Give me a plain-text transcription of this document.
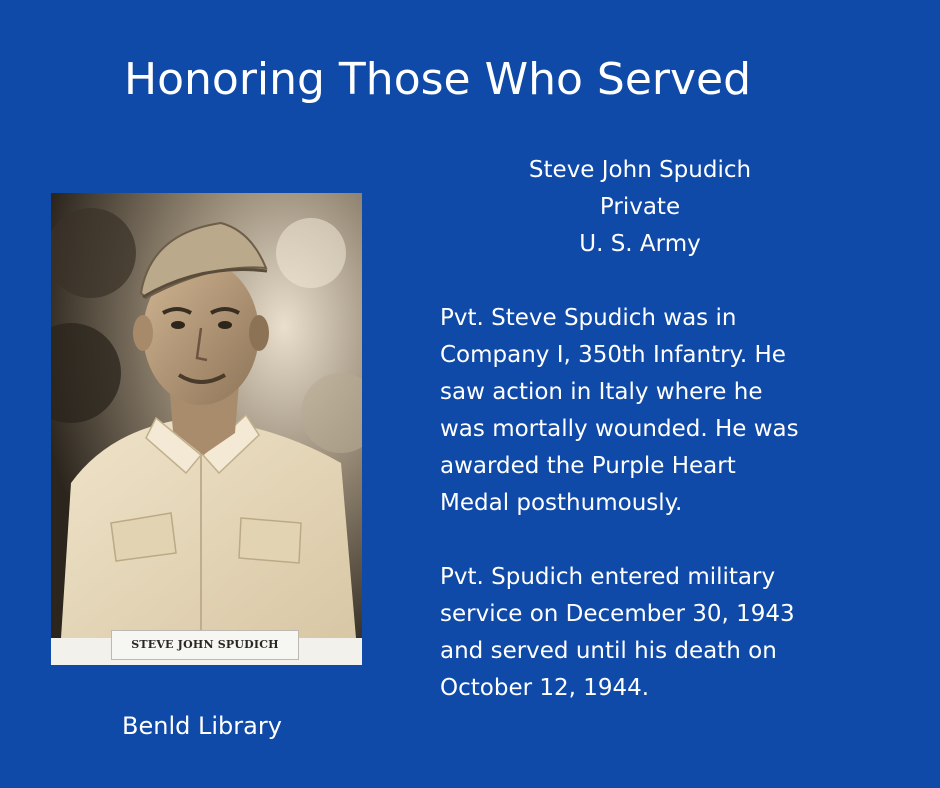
Honoring Those Who Served
STEVE JOHN SPUDICH
Steve John Spudich
Private
U. S. Army
Pvt. Steve Spudich was in
Company I, 350th Infantry. He
saw action in Italy where he
was mortally wounded. He was
awarded the Purple Heart
Medal posthumously.
Pvt. Spudich entered military
service on December 30, 1943
and served until his death on
October 12, 1944.
Benld Library
